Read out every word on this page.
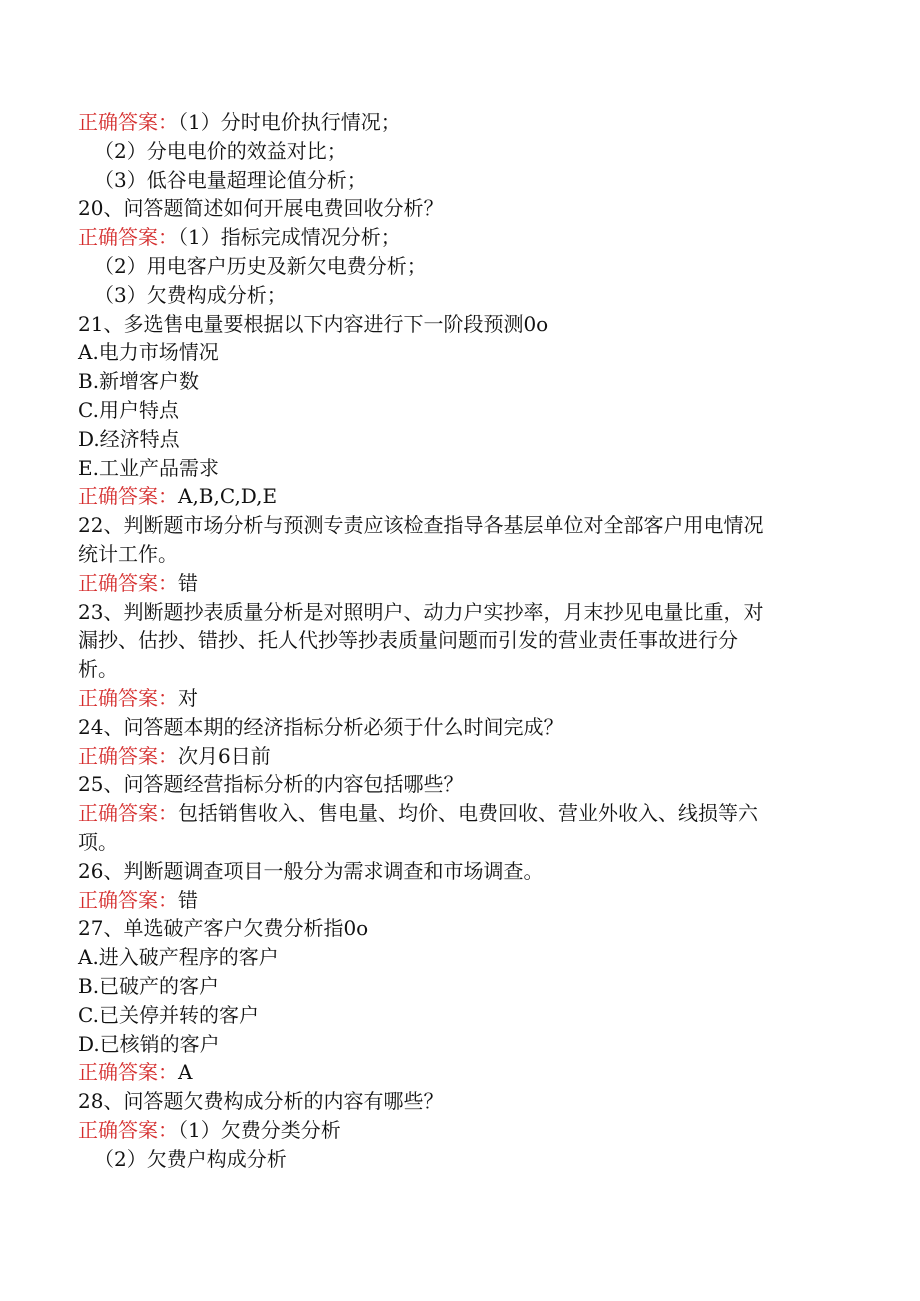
正确答案：（1）分时电价执行情况；
（2）分电电价的效益对比；
（3）低谷电量超理论值分析；
20、问答题简述如何开展电费回收分析？
正确答案：（1）指标完成情况分析；
（2）用电客户历史及新欠电费分析；
（3）欠费构成分析；
21、多选售电量要根据以下内容进行下一阶段预测0o
A.电力市场情况
B.新增客户数
C.用户特点
D.经济特点
E.工业产品需求
正确答案：A,B,C,D,E
22、判断题市场分析与预测专责应该检查指导各基层单位对全部客户用电情况
统计工作。
正确答案：错
23、判断题抄表质量分析是对照明户、动力户实抄率，月末抄见电量比重，对
漏抄、估抄、错抄、托人代抄等抄表质量问题而引发的营业责任事故进行分
析。
正确答案：对
24、问答题本期的经济指标分析必须于什么时间完成？
正确答案：次月6日前
25、问答题经营指标分析的内容包括哪些？
正确答案：包括销售收入、售电量、均价、电费回收、营业外收入、线损等六
项。
26、判断题调查项目一般分为需求调查和市场调查。
正确答案：错
27、单选破产客户欠费分析指0o
A.进入破产程序的客户
B.已破产的客户
C.已关停并转的客户
D.已核销的客户
正确答案：A
28、问答题欠费构成分析的内容有哪些？
正确答案：（1）欠费分类分析
（2）欠费户构成分析
